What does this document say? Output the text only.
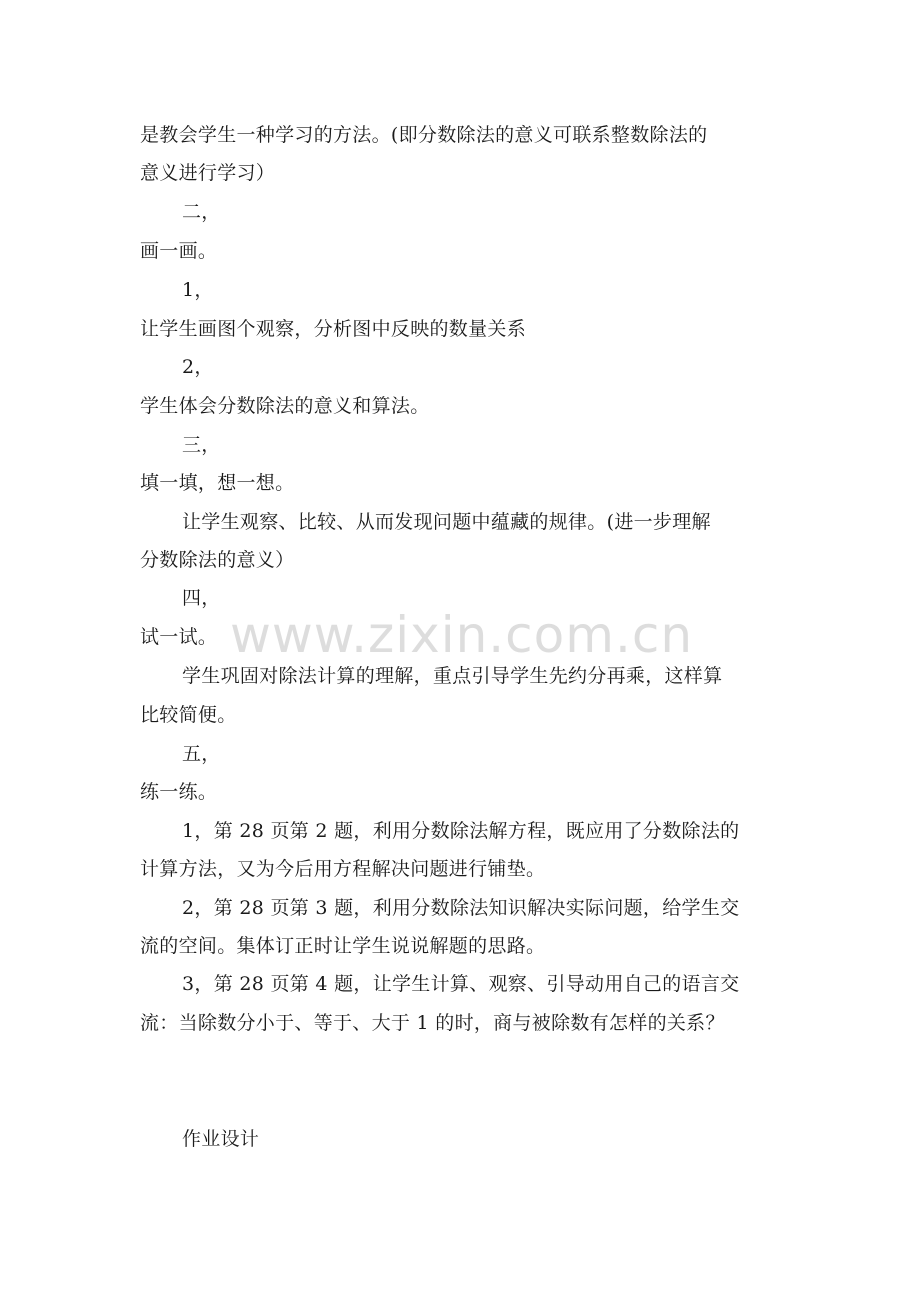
是教会学生一种学习的方法。(即分数除法的意义可联系整数除法的
意义进行学习）
二，
画一画。
1，
让学生画图个观察，分析图中反映的数量关系
2，
学生体会分数除法的意义和算法。
三，
填一填，想一想。
让学生观察、比较、从而发现问题中蕴藏的规律。(进一步理解
分数除法的意义）
四，
试一试。
学生巩固对除法计算的理解，重点引导学生先约分再乘，这样算
比较简便。
五，
练一练。
1，第 28 页第 2 题，利用分数除法解方程，既应用了分数除法的
计算方法，又为今后用方程解决问题进行铺垫。
2，第 28 页第 3 题，利用分数除法知识解决实际问题，给学生交
流的空间。集体订正时让学生说说解题的思路。
3，第 28 页第 4 题，让学生计算、观察、引导动用自己的语言交
流：当除数分小于、等于、大于 1 的时，商与被除数有怎样的关系？
作业设计
www.zixin.com.cn
